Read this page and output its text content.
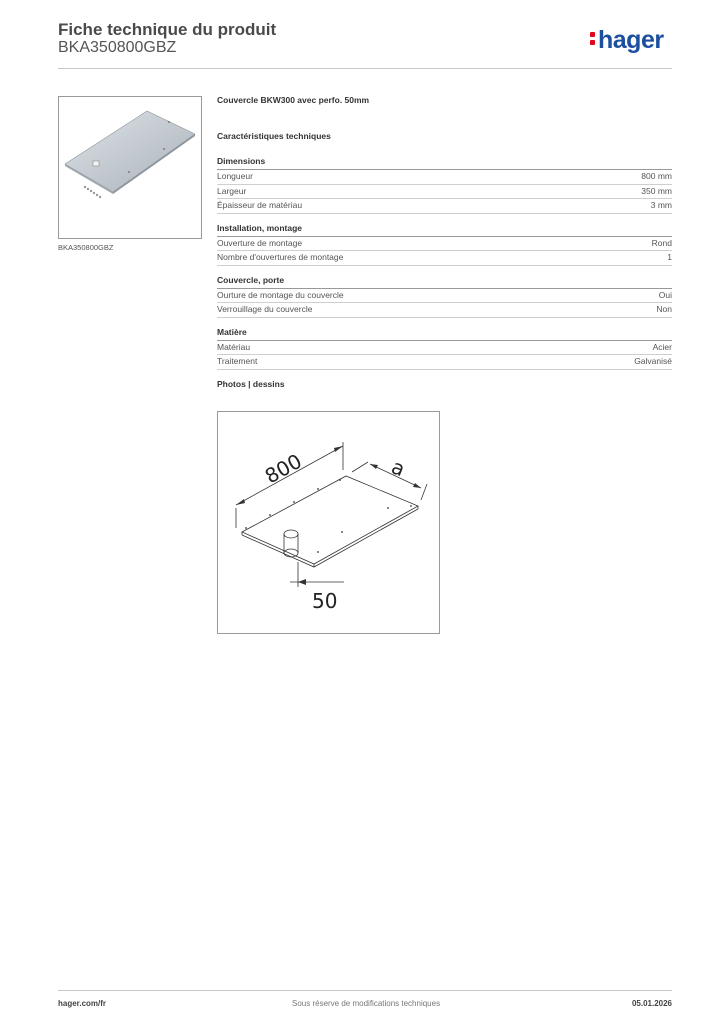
Fiche technique du produit
BKA350800GBZ	hager
BKA350800GBZ
Couvercle BKW300 avec perfo. 50mm
Caractéristiques techniques
Dimensions
Longueur	800 mm
Largeur	350 mm
Épaisseur de matériau	3 mm
Installation, montage
Ouverture de montage	Rond
Nombre d'ouvertures de montage	1
Couvercle, porte
Ourture de montage du couvercle	Oui
Verrouillage du couvercle	Non
Matière
Matériau	Acier
Traitement	Galvanisé
Photos | dessins
800	a
50
hager.com/fr	Sous réserve de modifications techniques	05.01.2026
